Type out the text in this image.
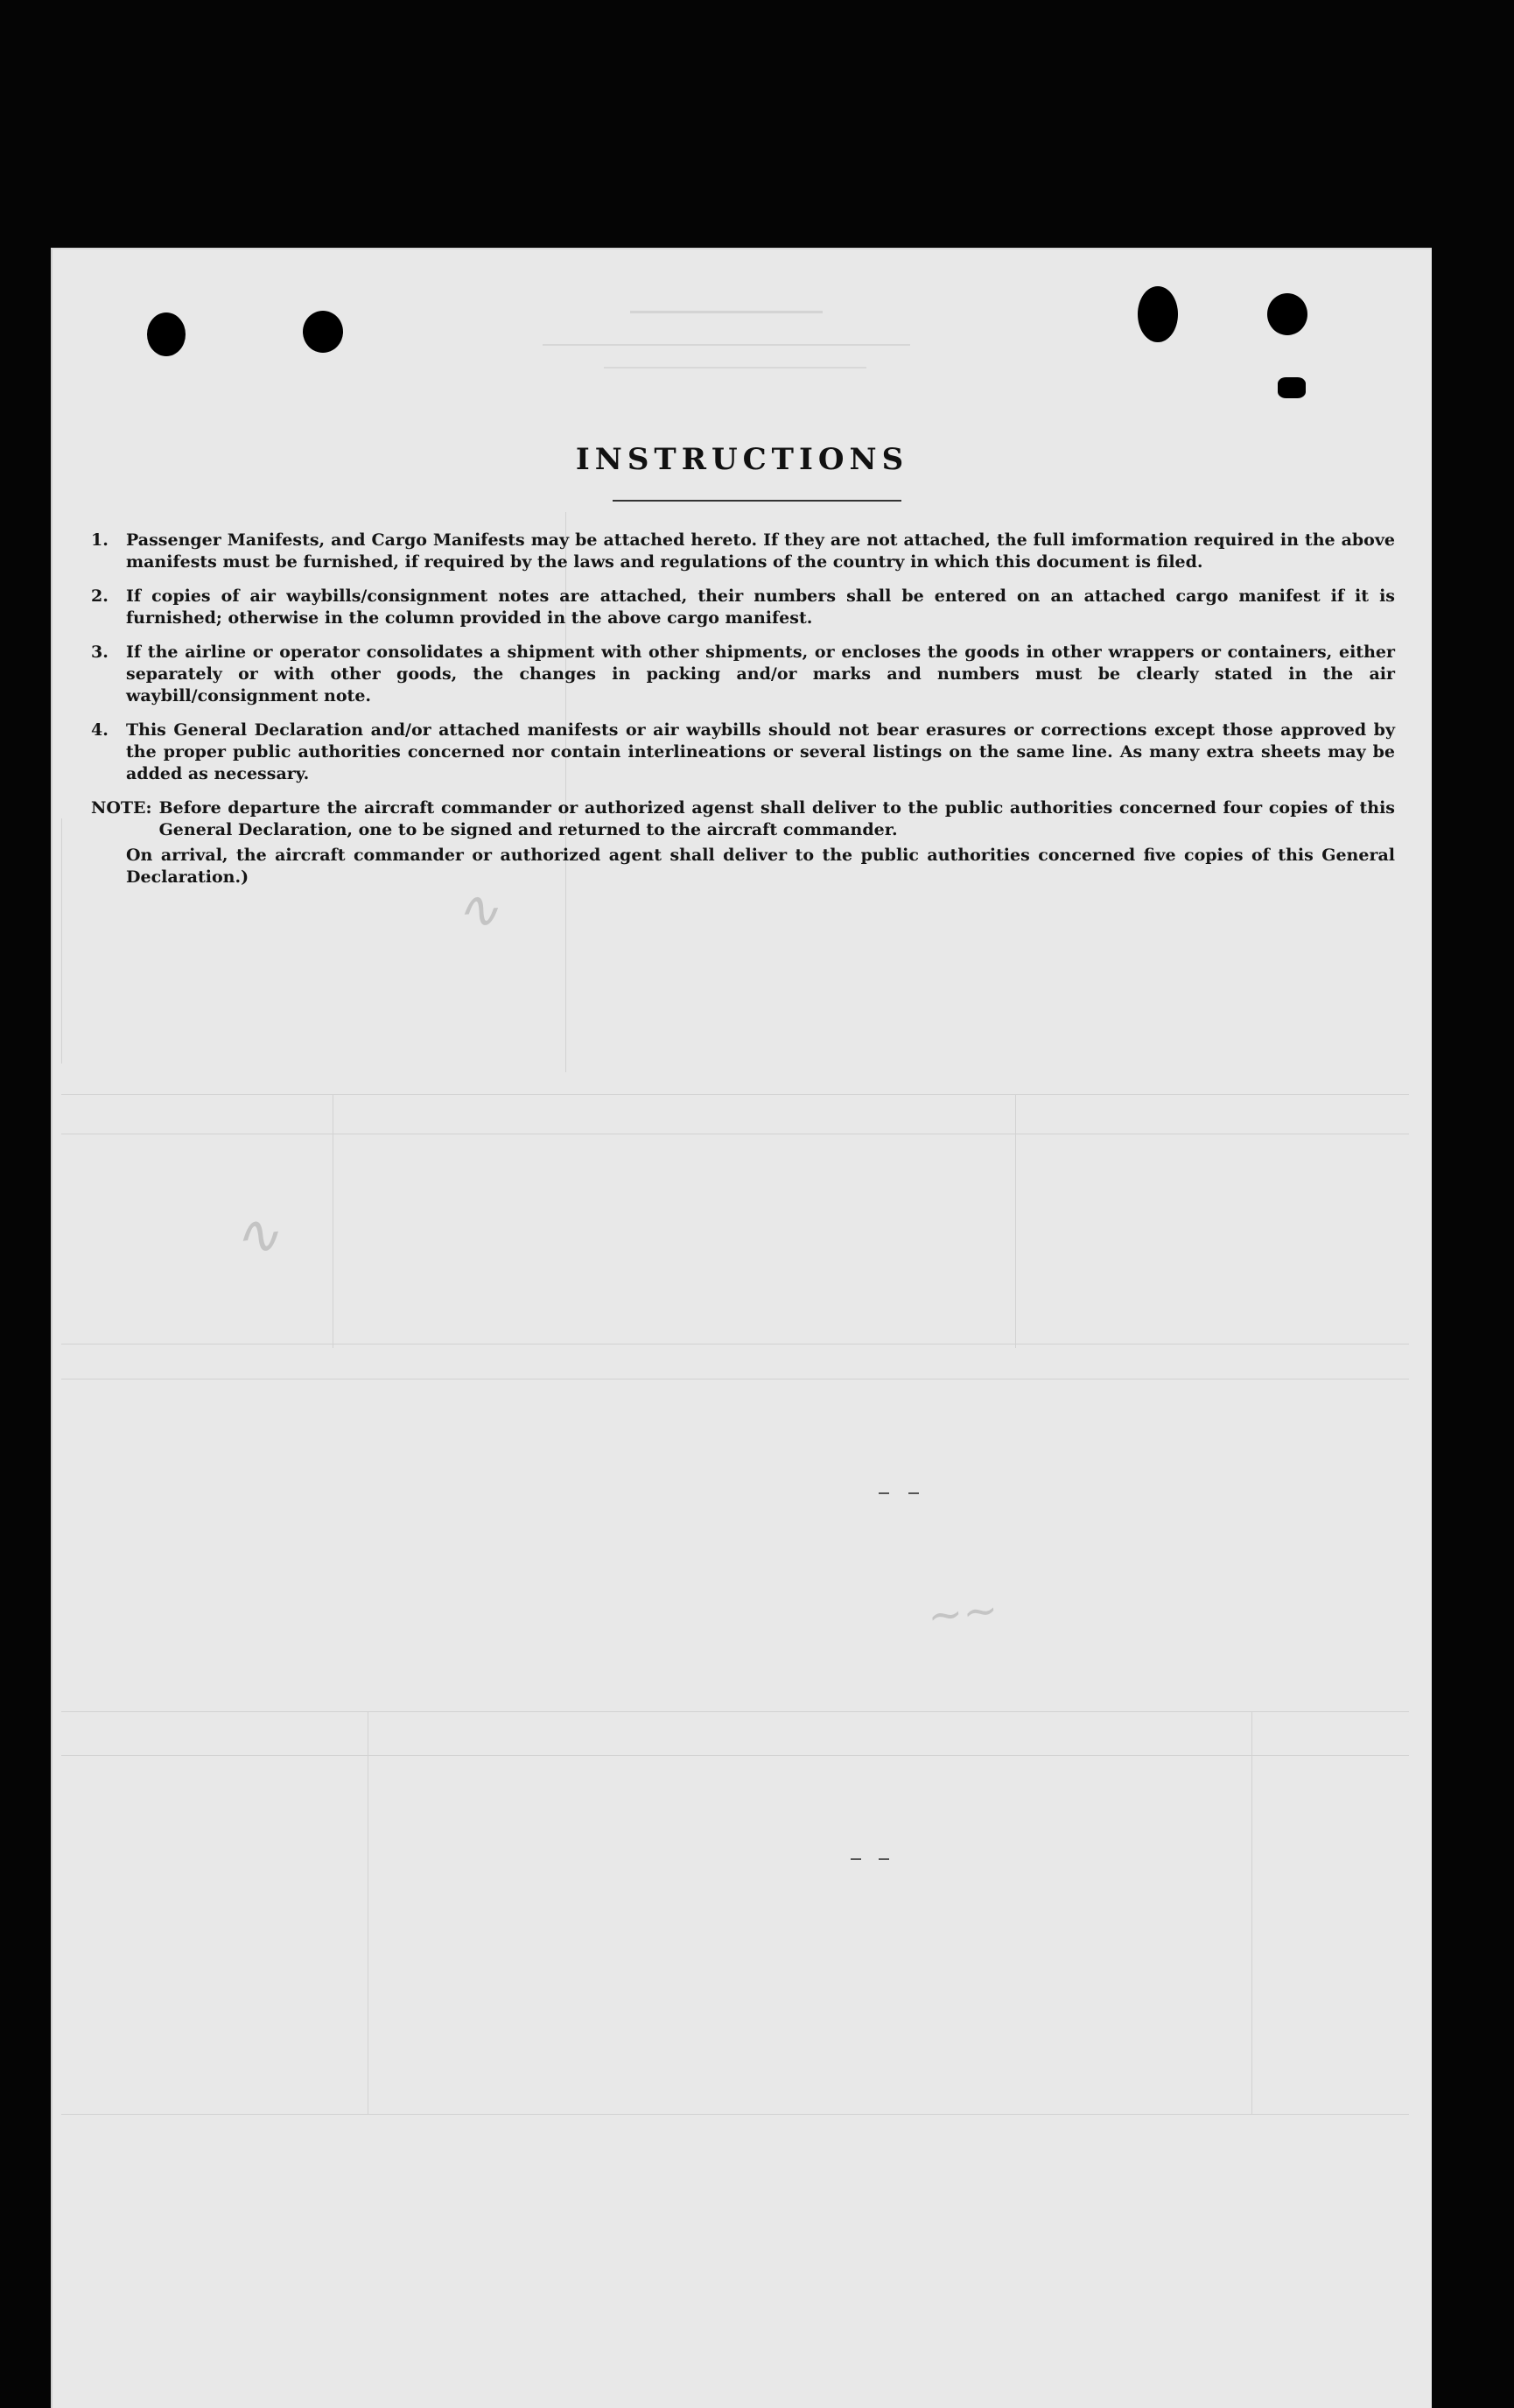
∿
∼∼
∿
INSTRUCTIONS
1.	Passenger Manifests, and Cargo Manifests may be attached hereto. If they are not attached, the full imformation required in the above manifests must be furnished, if required by the laws and regulations of the country in which this document is filed.
2.	If copies of air waybills/consignment notes are attached, their numbers shall be entered on an attached cargo manifest if it is furnished; otherwise in the column provided in the above cargo manifest.
3.	If the airline or operator consolidates a shipment with other shipments, or encloses the goods in other wrappers or containers, either separately or with other goods, the changes in packing and/or marks and numbers must be clearly stated in the air waybill/consignment note.
4.	This General Declaration and/or attached manifests or air waybills should not bear erasures or corrections except those approved by the proper public authorities concerned nor contain interlineations or several listings on the same line. As many extra sheets may be added as necessary.
NOTE: Before departure the aircraft commander or authorized agenst shall deliver to the public authorities concerned four copies of this General Declaration, one to be signed and returned to the aircraft commander.
On arrival, the aircraft commander or authorized agent shall deliver to the public authorities concerned five copies of this General Declaration.)
